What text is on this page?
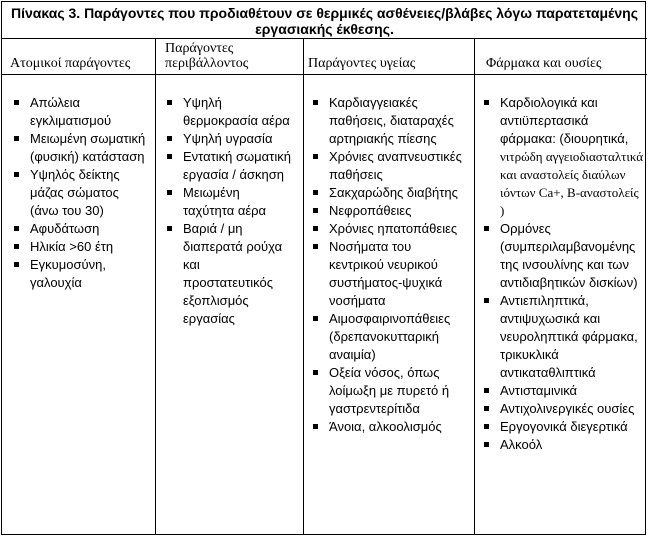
Πίνακας 3. Παράγοντες που προδιαθέτουν σε θερμικές ασθένειες/βλάβες λόγω παρατεταμένης εργασιακής έκθεσης.
Ατομικοί παράγοντες
Παράγοντες περιβάλλοντος	Παράγοντες υγείας	Φάρμακα και ουσίες
Απώλεια εγκλιματισμού
Μειωμένη σωματική (φυσική) κατάσταση
Υψηλός δείκτης μάζας σώματος (άνω του 30)
Αφυδάτωση
Ηλικία >60 έτη
Εγκυμοσύνη, γαλουχία
Υψηλή θερμοκρασία αέρα
Υψηλή υγρασία
Εντατική σωματική εργασία / άσκηση
Μειωμένη ταχύτητα αέρα
Βαριά / μη διαπερατά ρούχα και προστατευτικός εξοπλισμός εργασίας
Καρδιαγγειακές παθήσεις, διαταραχές αρτηριακής πίεσης
Χρόνιες αναπνευστικές παθήσεις
Σακχαρώδης διαβήτης
Νεφροπάθειες
Χρόνιες ηπατοπάθειες
Νοσήματα του κεντρικού νευρικού συστήματος-ψυχικά νοσήματα
Αιμοσφαιρινοπάθειες (δρεπανοκυτταρική αναιμία)
Οξεία νόσος, όπως λοίμωξη με πυρετό ή γαστρεντερίτιδα
Άνοια, αλκοολισμός
Καρδιολογικά και αντιϋπερτασικά φάρμακα: (διουρητικά, νιτρώδη αγγειοδιασταλτικά και αναστολείς διαύλων ιόντων Ca+, Β-αναστολείς )
Ορμόνες (συμπεριλαμβανομένης της ινσουλίνης και των αντιδιαβητικών δισκίων)
Αντιεπιληπτικά, αντιψυχωσικά και νευροληπτικά φάρμακα, τρικυκλικά αντικαταθλιπτικά
Αντισταμινικά
Αντιχολινεργικές ουσίες
Εργογονικά διεγερτικά
Αλκοόλ
